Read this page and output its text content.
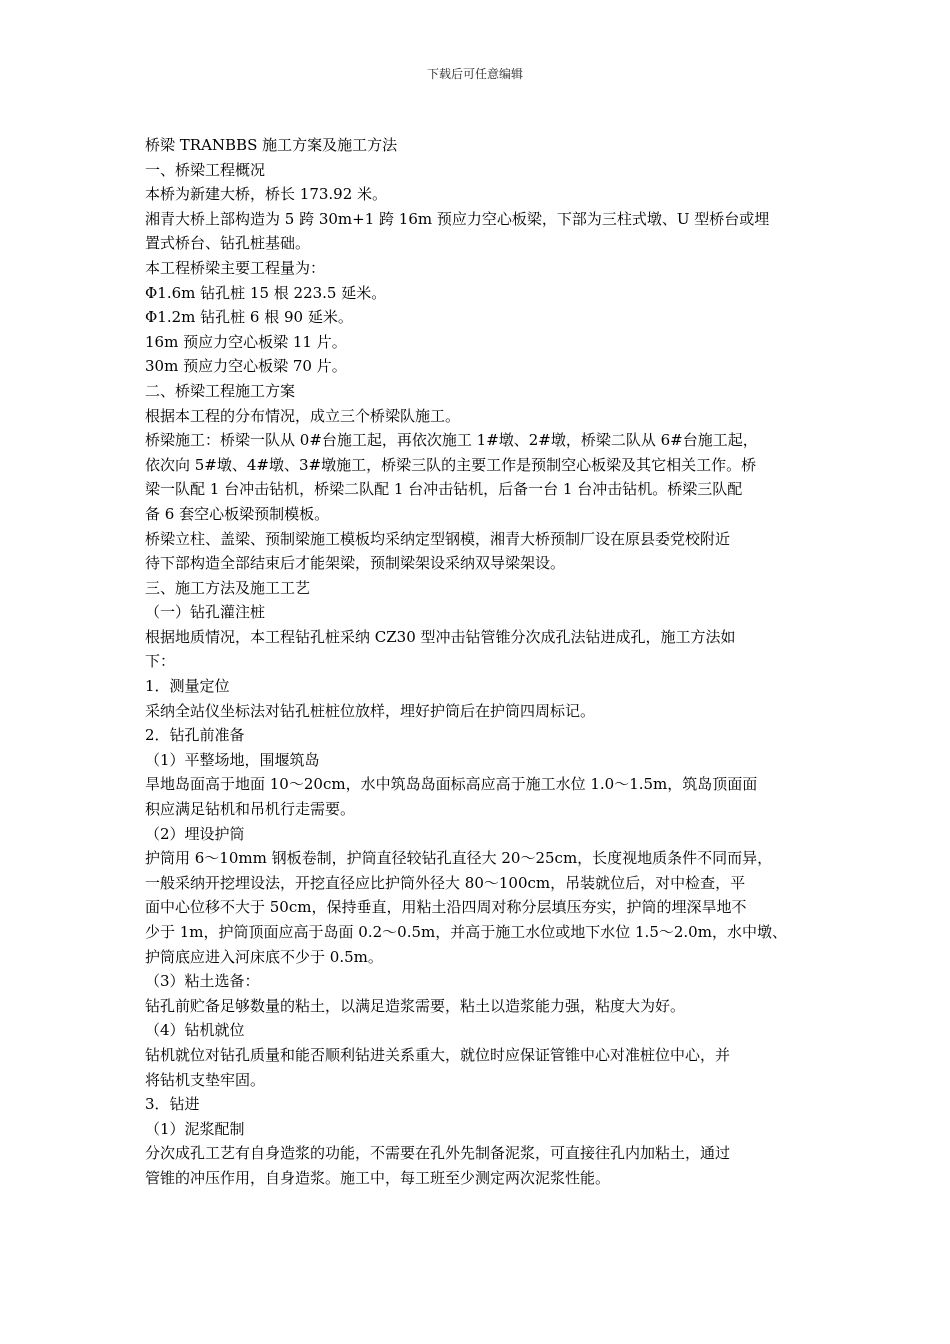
下载后可任意编辑
桥梁 TRANBBS 施工方案及施工方法
一、桥梁工程概况
本桥为新建大桥，桥长 173.92 米。
湘青大桥上部构造为 5 跨 30m+1 跨 16m 预应力空心板梁，下部为三柱式墩、U 型桥台或埋
置式桥台、钻孔桩基础。
本工程桥梁主要工程量为：
Φ1.6m 钻孔桩 15 根 223.5 延米。
Φ1.2m 钻孔桩 6 根 90 延米。
16m 预应力空心板梁 11 片。
30m 预应力空心板梁 70 片。
二、桥梁工程施工方案
根据本工程的分布情况，成立三个桥梁队施工。
桥梁施工：桥梁一队从 0#台施工起，再依次施工 1#墩、2#墩，桥梁二队从 6#台施工起，
依次向 5#墩、4#墩、3#墩施工，桥梁三队的主要工作是预制空心板梁及其它相关工作。桥
梁一队配 1 台冲击钻机，桥梁二队配 1 台冲击钻机，后备一台 1 台冲击钻机。桥梁三队配
备 6 套空心板梁预制模板。
桥梁立柱、盖梁、预制梁施工模板均采纳定型钢模，湘青大桥预制厂设在原县委党校附近
待下部构造全部结束后才能架梁，预制梁架设采纳双导梁架设。
三、施工方法及施工工艺
（一）钻孔灌注桩
根据地质情况，本工程钻孔桩采纳 CZ30 型冲击钻管锥分次成孔法钻进成孔，施工方法如
下：
1．测量定位
采纳全站仪坐标法对钻孔桩桩位放样，埋好护筒后在护筒四周标记。
2．钻孔前准备
（1）平整场地，围堰筑岛
旱地岛面高于地面 10～20cm，水中筑岛岛面标高应高于施工水位 1.0～1.5m，筑岛顶面面
积应满足钻机和吊机行走需要。
（2）埋设护筒
护筒用 6～10mm 钢板卷制，护筒直径较钻孔直径大 20～25cm，长度视地质条件不同而异，
一般采纳开挖埋设法，开挖直径应比护筒外径大 80～100cm，吊装就位后，对中检查，平
面中心位移不大于 50cm，保持垂直，用粘土沿四周对称分层填压夯实，护筒的埋深旱地不
少于 1m，护筒顶面应高于岛面 0.2～0.5m，并高于施工水位或地下水位 1.5～2.0m，水中墩、
护筒底应进入河床底不少于 0.5m。
（3）粘土选备：
钻孔前贮备足够数量的粘土，以满足造浆需要，粘土以造浆能力强，粘度大为好。
（4）钻机就位
钻机就位对钻孔质量和能否顺利钻进关系重大，就位时应保证管锥中心对准桩位中心，并
将钻机支垫牢固。
3．钻进
（1）泥浆配制
分次成孔工艺有自身造浆的功能，不需要在孔外先制备泥浆，可直接往孔内加粘土，通过
管锥的冲压作用，自身造浆。施工中，每工班至少测定两次泥浆性能。
